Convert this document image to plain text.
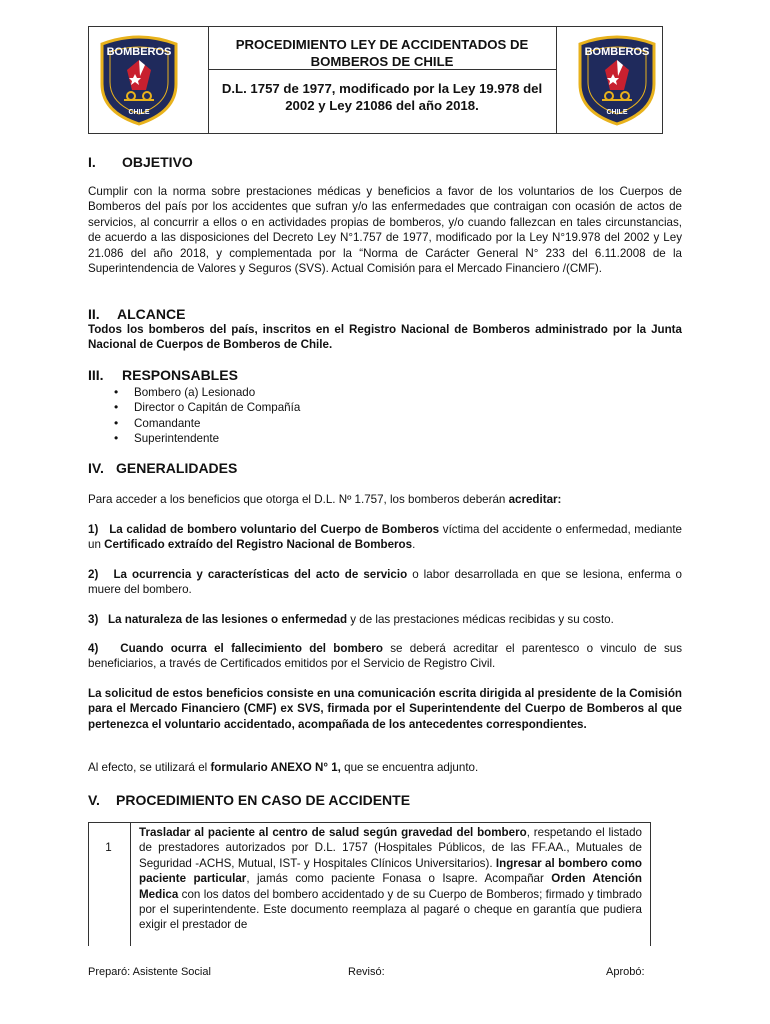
BOMBEROS
CHILE
BOMBEROS
CHILE
PROCEDIMIENTO LEY DE ACCIDENTADOS DE BOMBEROS DE CHILE
D.L. 1757 de 1977, modificado por la Ley 19.978 del 2002 y Ley 21086 del año 2018.
I. OBJETIVO
Cumplir con la norma sobre prestaciones médicas y beneficios a favor de los voluntarios de los Cuerpos de Bomberos del país por los accidentes que sufran y/o las enfermedades que contraigan con ocasión de actos de servicios, al concurrir a ellos o en actividades propias de bomberos, y/o cuando fallezcan en tales circunstancias, de acuerdo a las disposiciones del Decreto Ley N°1.757 de 1977, modificado por la Ley N°19.978 del 2002 y Ley 21.086 del año 2018, y complementada por la “Norma de Carácter General N° 233 del 6.11.2008 de la Superintendencia de Valores y Seguros (SVS). Actual Comisión para el Mercado Financiero /(CMF).
II. ALCANCE
Todos los bomberos del país, inscritos en el Registro Nacional de Bomberos administrado por la Junta Nacional de Cuerpos de Bomberos de Chile.
III. RESPONSABLES
• Bombero (a) Lesionado
• Director o Capitán de Compañía
• Comandante
• Superintendente
IV. GENERALIDADES
Para acceder a los beneficios que otorga el D.L. Nº 1.757, los bomberos deberán acreditar:
1) La calidad de bombero voluntario del Cuerpo de Bomberos víctima del accidente o enfermedad, mediante un Certificado extraído del Registro Nacional de Bomberos.
2) La ocurrencia y características del acto de servicio o labor desarrollada en que se lesiona, enferma o muere del bombero.
3) La naturaleza de las lesiones o enfermedad y de las prestaciones médicas recibidas y su costo.
4) Cuando ocurra el fallecimiento del bombero se deberá acreditar el parentesco o vinculo de sus beneficiarios, a través de Certificados emitidos por el Servicio de Registro Civil.
La solicitud de estos beneficios consiste en una comunicación escrita dirigida al presidente de la Comisión para el Mercado Financiero (CMF) ex SVS, firmada por el Superintendente del Cuerpo de Bomberos al que pertenezca el voluntario accidentado, acompañada de los antecedentes correspondientes.
Al efecto, se utilizará el formulario ANEXO N° 1, que se encuentra adjunto.
V. PROCEDIMIENTO EN CASO DE ACCIDENTE
1
Trasladar al paciente al centro de salud según gravedad del bombero, respetando el listado de prestadores autorizados por D.L. 1757 (Hospitales Públicos, de las FF.AA., Mutuales de Seguridad -ACHS, Mutual, IST- y Hospitales Clínicos Universitarios). Ingresar al bombero como paciente particular, jamás como paciente Fonasa o Isapre. Acompañar Orden Atención Medica con los datos del bombero accidentado y de su Cuerpo de Bomberos; firmado y timbrado por el superintendente. Este documento reemplaza al pagaré o cheque en garantía que pudiera exigir el prestador de
Preparó: Asistente Social	Revisó:	Aprobó:
